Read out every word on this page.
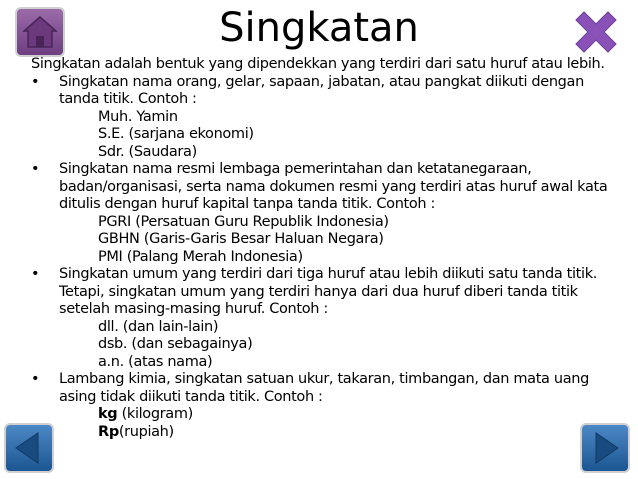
Singkatan

Singkatan adalah bentuk yang dipendekkan yang terdiri dari satu huruf atau lebih.

• Singkatan nama orang, gelar, sapaan, jabatan, atau pangkat diikuti dengan tanda titik. Contoh :

Muh. Yamin

S.E. (sarjana ekonomi)

Sdr. (Saudara)

• Singkatan nama resmi lembaga pemerintahan dan ketatanegaraan, badan/organisasi, serta nama dokumen resmi yang terdiri atas huruf awal kata ditulis dengan huruf kapital tanpa tanda titik. Contoh :

PGRI (Persatuan Guru Republik Indonesia)

GBHN (Garis-Garis Besar Haluan Negara)

PMI (Palang Merah Indonesia)

• Singkatan umum yang terdiri dari tiga huruf atau lebih diikuti satu tanda titik. Tetapi, singkatan umum yang terdiri hanya dari dua huruf diberi tanda titik setelah masing-masing huruf. Contoh :

dll. (dan lain-lain)

dsb. (dan sebagainya)

a.n. (atas nama)

• Lambang kimia, singkatan satuan ukur, takaran, timbangan, dan mata uang asing tidak diikuti tanda titik. Contoh :

kg (kilogram)

Rp(rupiah)
